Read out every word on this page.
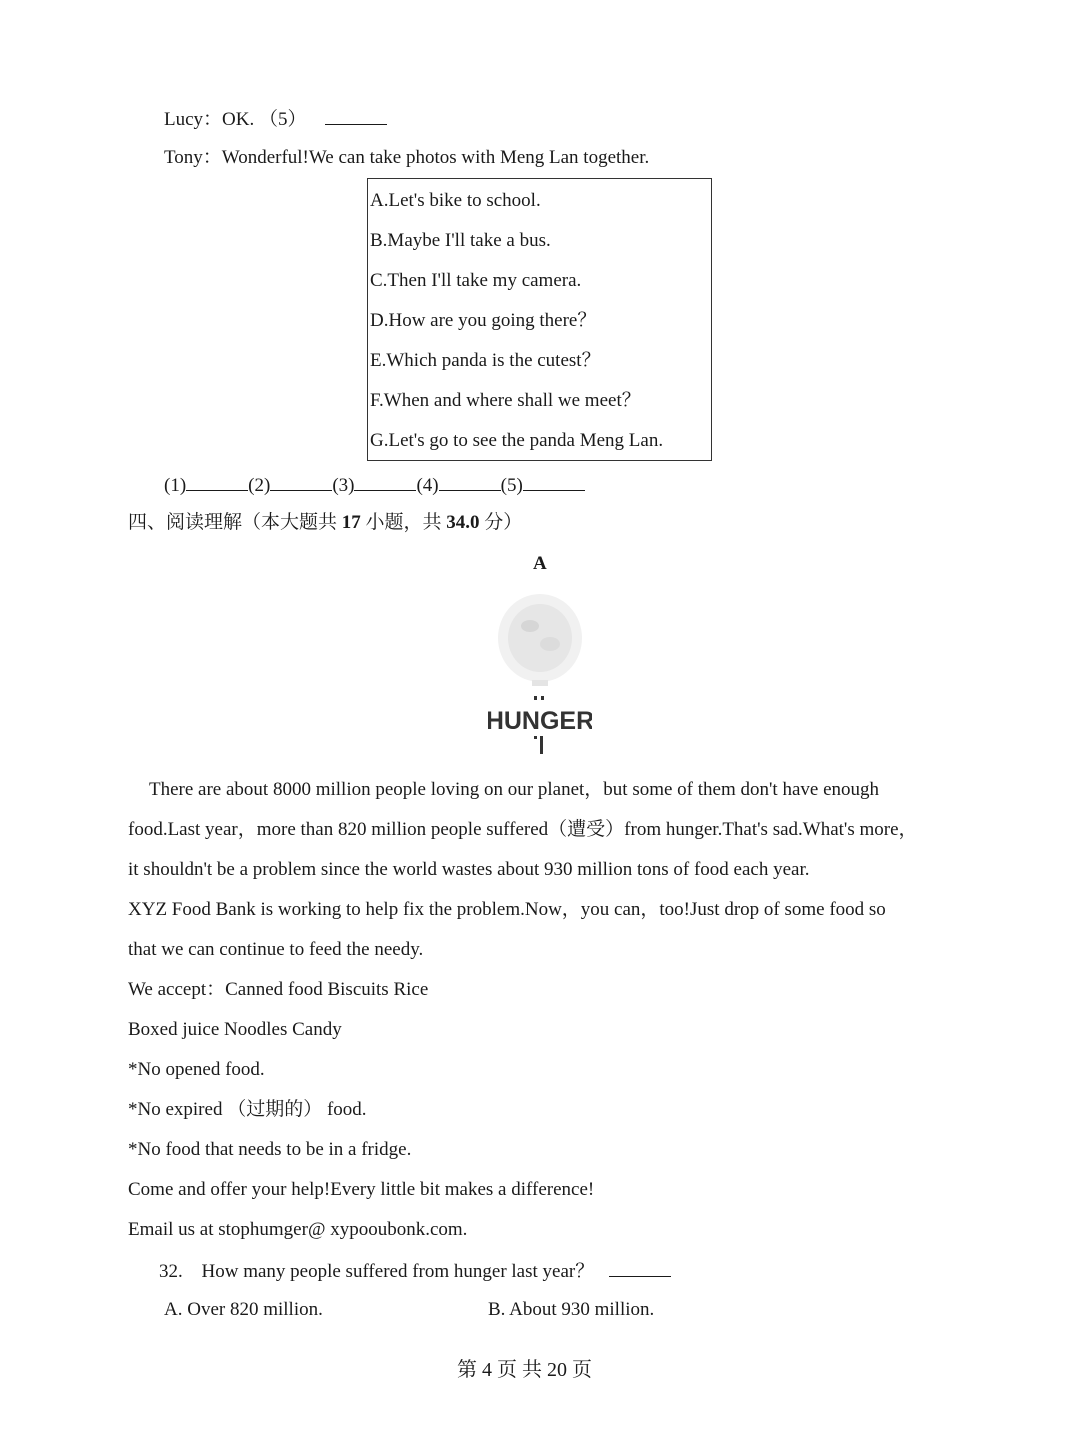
Lucy：OK. （5）
Tony：Wonderful!We can take photos with Meng Lan together.
A.Let's bike to school.
B.Maybe I'll take a bus.
C.Then I'll take my camera.
D.How are you going there？
E.Which panda is the cutest？
F.When and where shall we meet？
G.Let's go to see the panda Meng Lan.
(1)	(2)	(3)	(4)	(5)
四、阅读理解（本大题共 17 小题，共 34.0 分）
A
HUNGER
There are about 8000 million people loving on our planet，but some of them don't have enough
food.Last year，more than 820 million people suffered（遭受）from hunger.That's sad.What's more，
it shouldn't be a problem since the world wastes about 930 million tons of food each year.
XYZ Food Bank is working to help fix the problem.Now，you can，too!Just drop of some food so
that we can continue to feed the needy.
We accept：Canned food Biscuits Rice
Boxed juice Noodles Candy
*No opened food.
*No expired （过期的） food.
*No food that needs to be in a fridge.
Come and offer your help!Every little bit makes a difference!
Email us at stophumger@ xypooubonk.com.
32. How many people suffered from hunger last year？
A. Over 820 million.	B. About 930 million.
第 4 页 共 20 页
